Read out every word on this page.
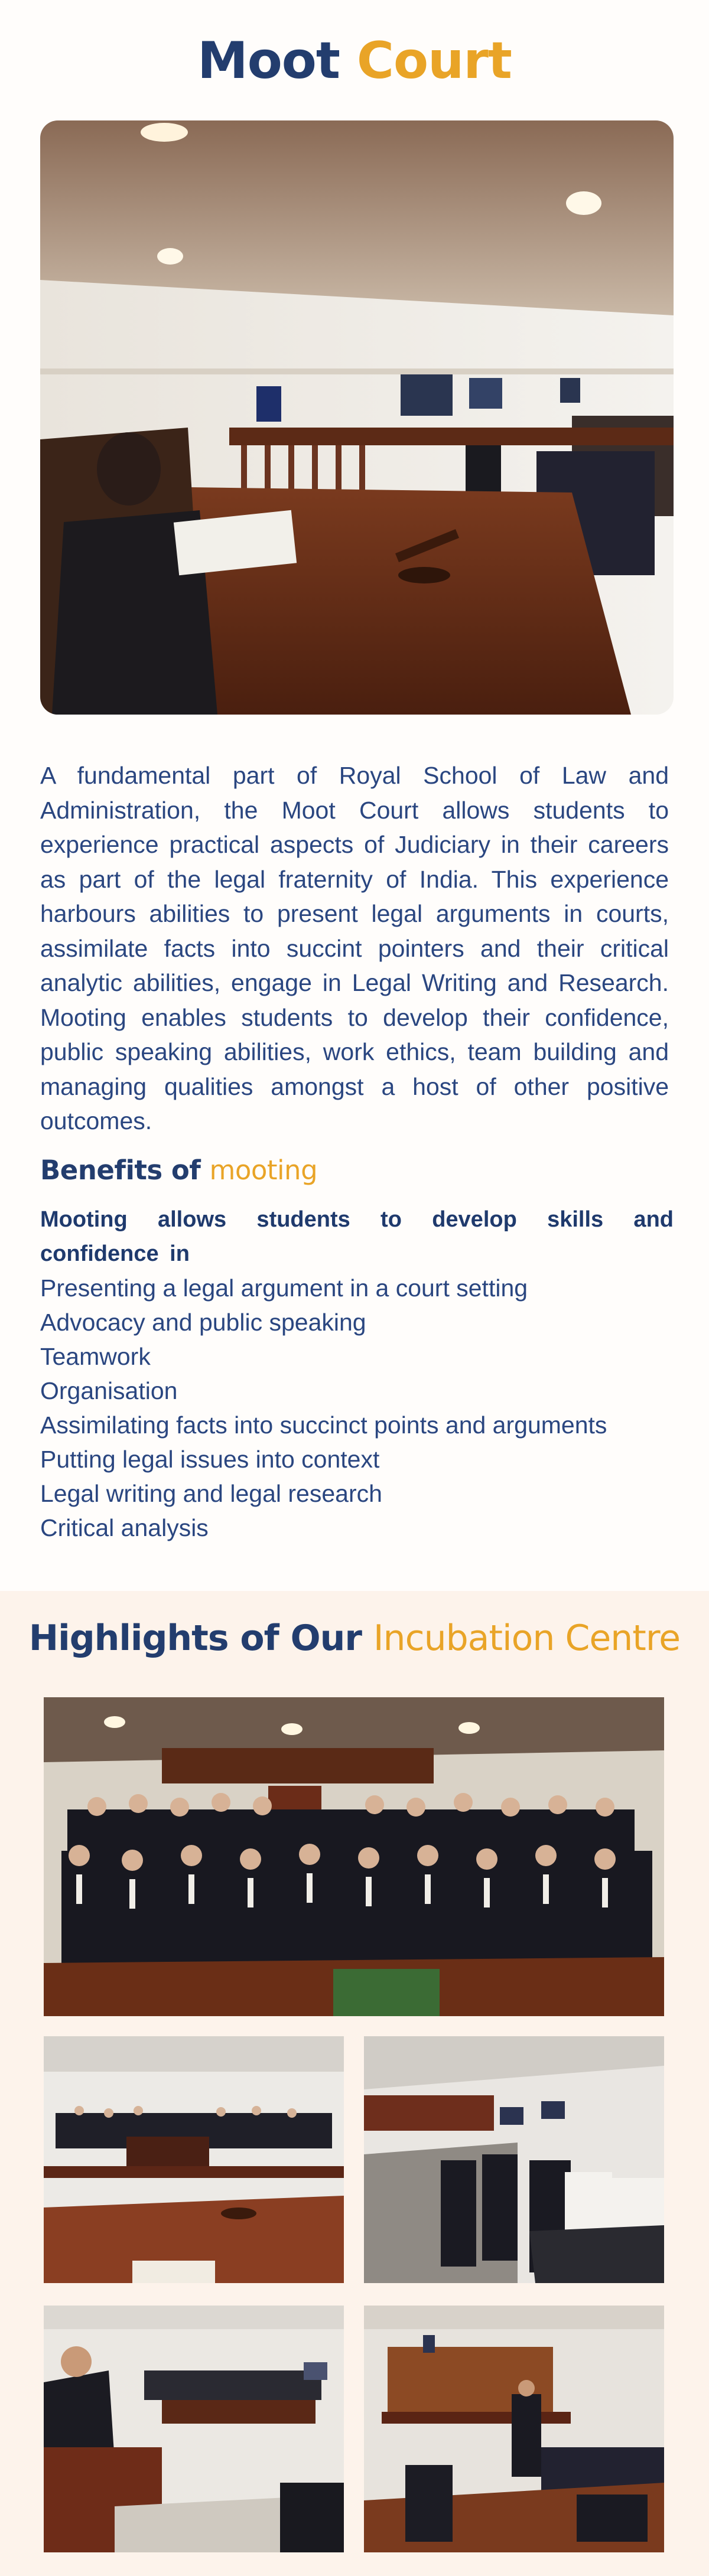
Moot Court

A fundamental part of Royal School of Law and Administration, the Moot Court allows students to experience practical aspects of Judiciary in their careers as part of the legal fraternity of India. This experience harbours abilities to present legal arguments in courts, assimilate facts into succint pointers and their critical analytic abilities, engage in Legal Writing and Research. Mooting enables students to develop their confidence, public speaking abilities, work ethics, team building and managing qualities amongst a host of other positive outcomes.

Benefits of mooting

Mooting allows students to develop skills and confidence in

Presenting a legal argument in a court setting
Advocacy and public speaking
Teamwork
Organisation
Assimilating facts into succinct points and arguments
Putting legal issues into context
Legal writing and legal research
Critical analysis
Highlights of Our Incubation Centre
